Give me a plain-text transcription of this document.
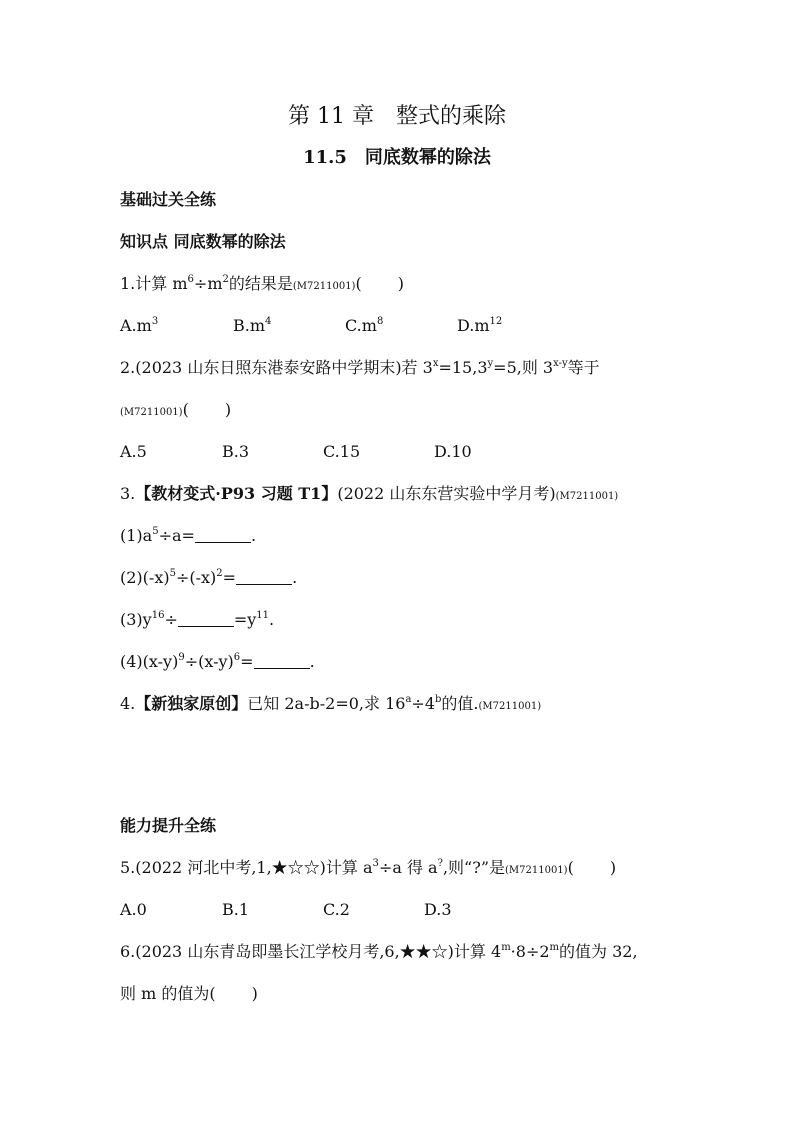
第 11 章　整式的乘除
11.5　同底数幂的除法
基础过关全练
知识点 同底数幂的除法
1.计算 $m^6\div m^2$的结果是(M7211001)( )
$A.m^3$	$B.m^4$	$C.m^8$	$D.m^{12}$
2.(2023 山东日照东港泰安路中学期末)若 $3^x=15,3^y=5$,则 3$^{x-y}$等于
(M7211001)( )
A.5	B.3	C.15	D.10
3.【教材变式·P93 习题 T1】(2022 山东东营实验中学月考)(M7211001)
$(1)a^5\div a=$	.
$(2)(-x)^5\div(-x)^2=$	.
$(3)y^{16}\div$	$=y^{11}$.
$(4)(x-y)^9\div(x-y)^6=$	.
4.【新独家原创】已知 2a-b-2=0,求 $16^a\div 4^b$的值.(M7211001)
能力提升全练
5.(2022 河北中考,1,★☆☆)计算 $a^3\div a$ 得 a?,则“?”是(M7211001)( )
A.0	B.1	C.2	D.3
6.(2023 山东青岛即墨长江学校月考,6,★★☆)计算 $4^m\cdot 8\div 2^m$的值为 32,
则 m 的值为( )
